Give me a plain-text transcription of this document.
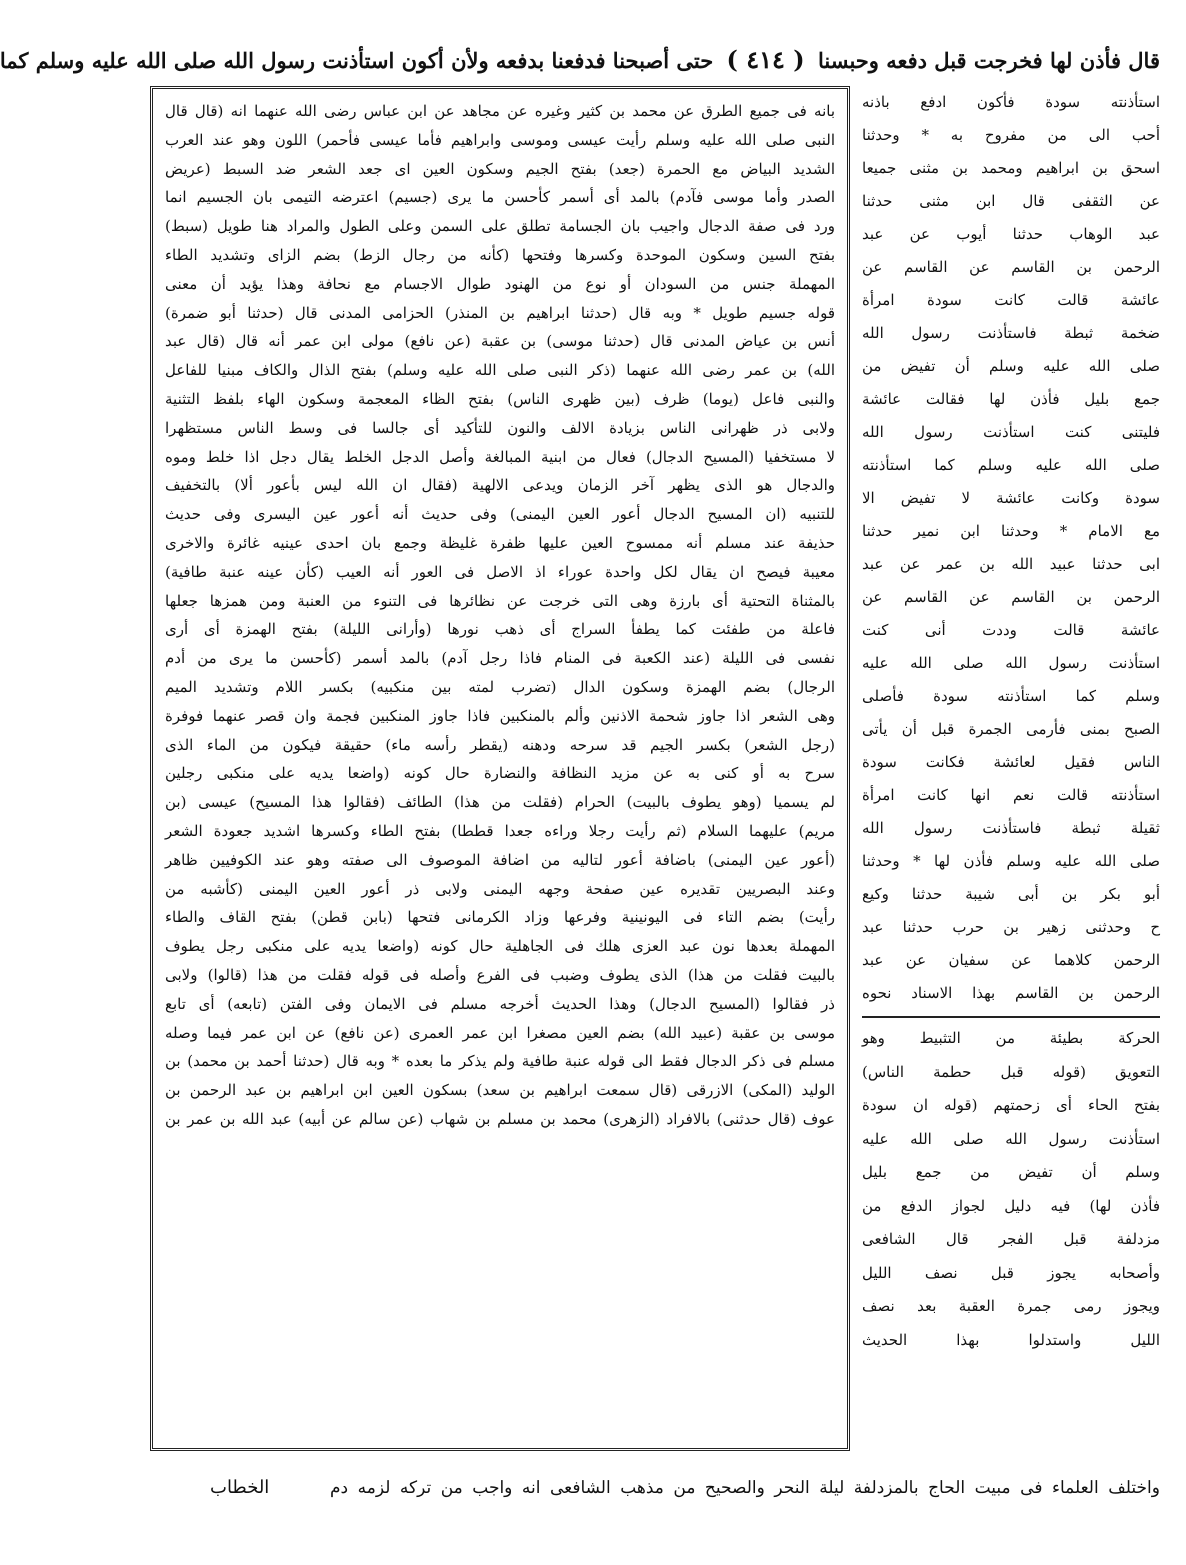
قال فأذن لها فخرجت قبل دفعه وحبسنا ( ٤١٤ ) حتى أصبحنا فدفعنا بدفعه ولأن أكون استأذنت رسول الله صلى الله عليه وسلم كما
بانه فى جميع الطرق عن محمد بن كثير وغيره عن مجاهد عن ابن عباس رضى الله عنهما انه (قال قال
النبى صلى الله عليه وسلم رأيت عيسى وموسى وابراهيم فأما عيسى فأحمر) اللون وهو عند العرب
الشديد البياض مع الحمرة (جعد) بفتح الجيم وسكون العين اى جعد الشعر ضد السبط (عريض
الصدر وأما موسى فآدم) بالمد أى أسمر كأحسن ما يرى (جسيم) اعترضه التيمى بان الجسيم انما
ورد فى صفة الدجال واجيب بان الجسامة تطلق على السمن وعلى الطول والمراد هنا طويل (سبط)
بفتح السين وسكون الموحدة وكسرها وفتحها (كأنه من رجال الزط) بضم الزاى وتشديد الطاء
المهملة جنس من السودان أو نوع من الهنود طوال الاجسام مع نحافة وهذا يؤيد أن معنى
قوله جسيم طويل * وبه قال (حدثنا ابراهيم بن المنذر) الحزامى المدنى قال (حدثنا أبو ضمرة)
أنس بن عياض المدنى قال (حدثنا موسى) بن عقبة (عن نافع) مولى ابن عمر أنه قال (قال عبد
الله) بن عمر رضى الله عنهما (ذكر النبى صلى الله عليه وسلم) بفتح الذال والكاف مبنيا للفاعل
والنبى فاعل (يوما) ظرف (بين ظهرى الناس) بفتح الظاء المعجمة وسكون الهاء بلفظ التثنية
ولابى ذر ظهرانى الناس بزيادة الالف والنون للتأكيد أى جالسا فى وسط الناس مستظهرا
لا مستخفيا (المسيح الدجال) فعال من ابنية المبالغة وأصل الدجل الخلط يقال دجل اذا خلط وموه
والدجال هو الذى يظهر آخر الزمان ويدعى الالهية (فقال ان الله ليس بأعور ألا) بالتخفيف
للتنبيه (ان المسيح الدجال أعور العين اليمنى) وفى حديث أنه أعور عين اليسرى وفى حديث
حذيفة عند مسلم أنه ممسوح العين عليها ظفرة غليظة وجمع بان احدى عينيه غائرة والاخرى
معيبة فيصح ان يقال لكل واحدة عوراء اذ الاصل فى العور أنه العيب (كأن عينه عنبة طافية)
بالمثناة التحتية أى بارزة وهى التى خرجت عن نظائرها فى التنوء من العنبة ومن همزها جعلها
فاعلة من طفئت كما يطفأ السراج أى ذهب نورها (وأرانى الليلة) بفتح الهمزة أى أرى
نفسى فى الليلة (عند الكعبة فى المنام فاذا رجل آدم) بالمد أسمر (كأحسن ما يرى من أدم
الرجال) بضم الهمزة وسكون الدال (تضرب لمته بين منكبيه) بكسر اللام وتشديد الميم
وهى الشعر اذا جاوز شحمة الاذنين وألم بالمنكبين فاذا جاوز المنكبين فجمة وان قصر عنهما فوفرة
(رجل الشعر) بكسر الجيم قد سرحه ودهنه (يقطر رأسه ماء) حقيقة فيكون من الماء الذى
سرح به أو كنى به عن مزيد النظافة والنضارة حال كونه (واضعا يديه على منكبى رجلين
لم يسميا (وهو يطوف بالبيت) الحرام (فقلت من هذا) الطائف (فقالوا هذا المسيح) عيسى (بن
مريم) عليهما السلام (ثم رأيت رجلا وراءه جعدا قططا) بفتح الطاء وكسرها اشديد جعودة الشعر
(أعور عين اليمنى) باضافة أعور لتاليه من اضافة الموصوف الى صفته وهو عند الكوفيين ظاهر
وعند البصريين تقديره عين صفحة وجهه اليمنى ولابى ذر أعور العين اليمنى (كأشبه من
رأيت) بضم التاء فى اليونينية وفرعها وزاد الكرمانى فتحها (بابن قطن) بفتح القاف والطاء
المهملة بعدها نون عبد العزى هلك فى الجاهلية حال كونه (واضعا يديه على منكبى رجل يطوف
بالبيت فقلت من هذا) الذى يطوف وضبب فى الفرع وأصله فى قوله فقلت من هذا (قالوا) ولابى
ذر فقالوا (المسيح الدجال) وهذا الحديث أخرجه مسلم فى الايمان وفى الفتن (تابعه) أى تابع
موسى بن عقبة (عبيد الله) بضم العين مصغرا ابن عمر العمرى (عن نافع) عن ابن عمر فيما وصله
مسلم فى ذكر الدجال فقط الى قوله عنبة طافية ولم يذكر ما بعده * وبه قال (حدثنا أحمد بن محمد) بن
الوليد (المكى) الازرقى (قال سمعت ابراهيم بن سعد) بسكون العين ابن ابراهيم بن عبد الرحمن بن
عوف (قال حدثنى) بالافراد (الزهرى) محمد بن مسلم بن شهاب (عن سالم عن أبيه) عبد الله بن عمر بن
استأذنته سودة فأكون ادفع باذنه
أحب الى من مفروح به * وحدثنا
اسحق بن ابراهيم ومحمد بن مثنى جميعا
عن الثقفى قال ابن مثنى حدثنا
عبد الوهاب حدثنا أيوب عن عبد
الرحمن بن القاسم عن القاسم عن
عائشة قالت كانت سودة امرأة
ضخمة ثبطة فاستأذنت رسول الله
صلى الله عليه وسلم أن تفيض من
جمع بليل فأذن لها فقالت عائشة
فليتنى كنت استأذنت رسول الله
صلى الله عليه وسلم كما استأذنته
سودة وكانت عائشة لا تفيض الا
مع الامام * وحدثنا ابن نمير حدثنا
ابى حدثنا عبيد الله بن عمر عن عبد
الرحمن بن القاسم عن القاسم عن
عائشة قالت وددت أنى كنت
استأذنت رسول الله صلى الله عليه
وسلم كما استأذنته سودة فأصلى
الصبح بمنى فأرمى الجمرة قبل أن يأتى
الناس فقيل لعائشة فكانت سودة
استأذنته قالت نعم انها كانت امرأة
ثقيلة ثبطة فاستأذنت رسول الله
صلى الله عليه وسلم فأذن لها * وحدثنا
أبو بكر بن أبى شيبة حدثنا وكيع
ح وحدثنى زهير بن حرب حدثنا عبد
الرحمن كلاهما عن سفيان عن عبد
الرحمن بن القاسم بهذا الاسناد نحوه
الحركة بطيئة من التثبيط وهو
التعويق (قوله قبل حطمة الناس)
بفتح الحاء أى زحمتهم (قوله ان سودة
استأذنت رسول الله صلى الله عليه
وسلم أن تفيض من جمع بليل
فأذن لها) فيه دليل لجواز الدفع من
مزدلفة قبل الفجر قال الشافعى
وأصحابه يجوز قبل نصف الليل
ويجوز رمى جمرة العقبة بعد نصف
الليل واستدلوا بهذا الحديث
واختلف العلماء فى مبيت الحاج بالمزدلفة ليلة النحر والصحيح من مذهب الشافعى انه واجب من تركه لزمه دم
الخطاب
